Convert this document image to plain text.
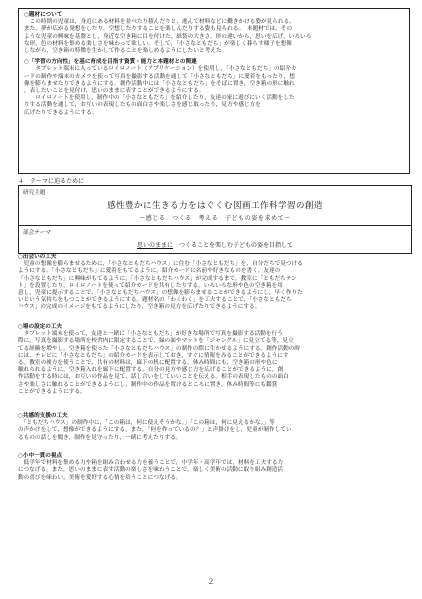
○題材について

　この時期の児童は，身近にある材料を並べたり積んだりと，進んで材料などに働きかける姿が見られる。

また，夢が広がる発想をしたり，空想したりすることを楽しんだりする姿も見られる。　本題材では，その

ような児童の興味を基盤とし，身近な空き箱に目を付けた。紙袋の大きさ，形の違いから，思いを広げ，いろいろ

な形，色の材料を集める楽しさを味わって欲しい。そして，「小さなともだち」が楽しく暮らす様子を想像

しながら，空き箱の特徴を生かして作ることを楽しめるようにしたいと考えた。

○「学習の方向性」を基に育成を目指す資質・能力と本題材との関連

　　タブレット端末に入っているロイロノート（アプリケーション）を使用し，「小さなともだち」の紹介カ

ードの制作や端末のカメラを使って写真を撮影する活動を通して「小さなともだち」に愛着をもったり，想

像を膨らませたりできるようにする。創作活動中には「小さなともだち」をそばに置き，空き箱の形に触れ

，表したいことを見付け，思いのままに表すことができるようにする。

　　ロイロノートを使用し，制作中の「小さなともだち」を紹介したり，友達の家に遊びにいく活動をした

りする活動を通して，お互いの表現したもの面白さや楽しさを感じ取ったり，見方や感じ方を

広げたりできるようにする。

４　テーマに迫るために
研究主題
感性豊かに生きる力をはぐくむ図画工作科学習の創造
～感じる　つくる　考える　子どもの姿を求めて～
部会テーマ
思いのままに　 つくることを楽しむ子どもの姿を目指して
○出会いの工夫

　児童の想像を膨らませるために，「小さなともだちハウス」に住む「小さなともだち」を，自分だちで見つける

ようにする。「小さなともだち」に愛着をもてるように，紹介カードに名前や好きなものを書く。友達の

「小さなともだち」に興味がもてるように，「小さなともだちハウス」が完成するまで，教室に「ともだちテン

ト」を設置したり，ロイロノートを使って紹介カードを共有したりする。いろいろな形や色の空き箱を用

意し，児童に提示することで，「小さなともだちハウス」の想像を膨らませることができるようにし，早く作りた

いという気持ちをもつことができるようにする。題材名の「わくわく」を工夫することで，「小さなともだち

ハウス」の完成のイメージをもてるようにしたり，空き箱の見方を広げたりできるようにする。

○場の設定の工夫

　タブレット端末を使って，友達と一緒に「小さなともだち」が好きな場所で写真を撮影する活動を行う

際に，写真を撮影する場所を校舎内に限定することで，緑の面やマットを「ジャングル」に見立てる等，見立

てる経験を増やし，空き箱を使った「小さなともだちハウス」の制作の際に生かせるようにする。創作活動の時

には，テレビに「小さなともだち」の紹介カードを表示しておき，すぐに情報をみることができるようにす

る。教室の後方を使うことで，共有の材料は，廊下の机に配置する。休み時間にも，空き箱の形や色に

触れられるように，空き箱入れを廊下に配置する。自分の見方や感じ方を広げることができるように，創

作活動をする時には，お互いの作品を見て，話し合いをしていいことを伝える。相手の表現したものの面白

さや楽しさに触れることができるようにし，制作中の作品を置けるところに置き，休み時間等にも鑑賞

ことができるようにする。

○共感的支援の工夫

　「ともだちハウス」の制作中に，「この箱は，何に使えそうかな。」「この箱は，何に見えるかな。」等

の声かけをして，想像ができるようにする。また，「何を作っているの？」と声掛けをし，児童が制作してい

るものの話しを聞き，制作を見守ったり，一緒に考えたりする。

○小中一貫の視点

　低学年で材料を集める力や箱を組み合わせる力を養うことで，中学年・高学年では，材料を工夫する力

につなげる。また，思いのままに表す活動の楽しさを味わうことで，楽しく美術の活動に取り組み創造活

動の喜びを味わい，美術を愛好する心情を培うことにつなげる。

２
